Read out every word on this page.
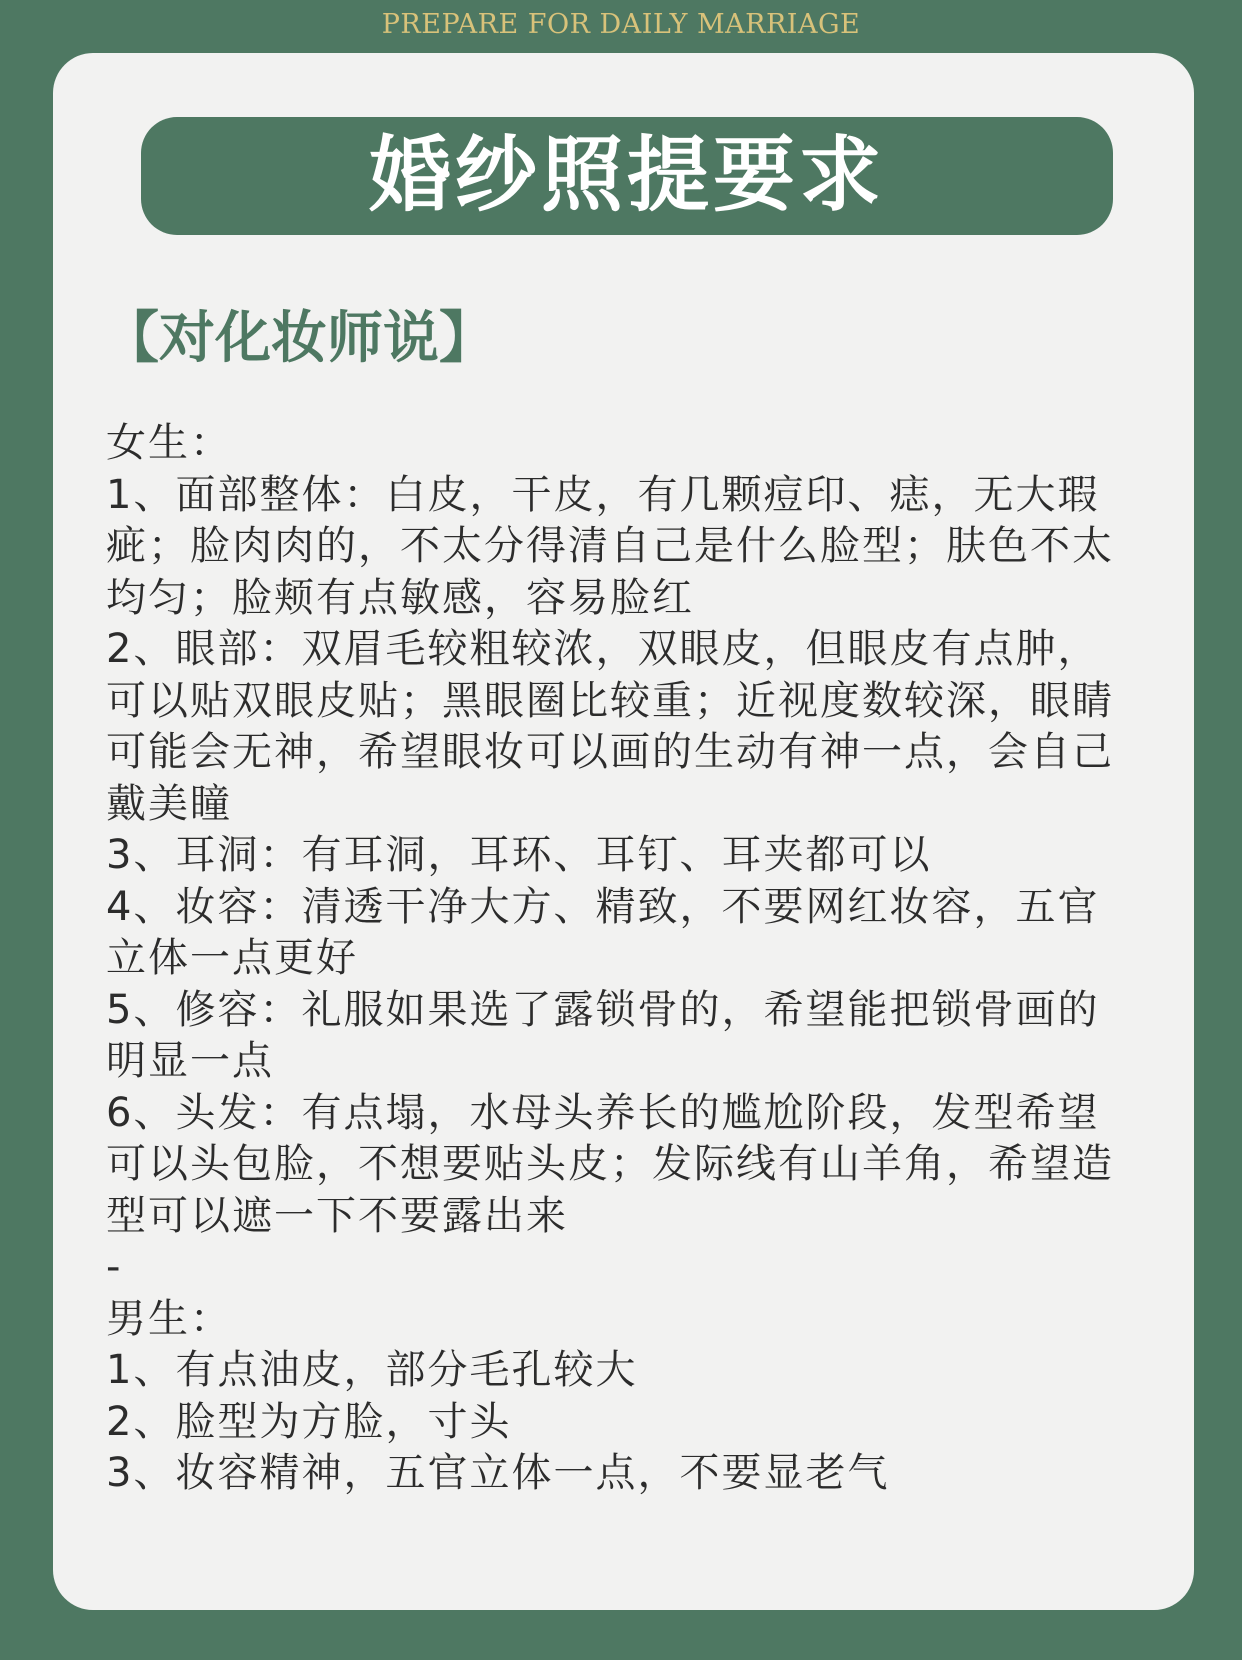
PREPARE FOR DAILY MARRIAGE
婚纱照提要求
【对化妆师说】

女生：

1、面部整体：白皮，干皮，有几颗痘印、痣，无大瑕疵；脸肉肉的，不太分得清自己是什么脸型；肤色不太均匀；脸颊有点敏感，容易脸红

2、眼部：双眉毛较粗较浓，双眼皮，但眼皮有点肿，可以贴双眼皮贴；黑眼圈比较重；近视度数较深，眼睛可能会无神，希望眼妆可以画的生动有神一点，会自己戴美瞳

3、耳洞：有耳洞，耳环、耳钉、耳夹都可以

4、妆容：清透干净大方、精致，不要网红妆容，五官立体一点更好

5、修容：礼服如果选了露锁骨的，希望能把锁骨画的明显一点

6、头发：有点塌，水母头养长的尴尬阶段，发型希望可以头包脸，不想要贴头皮；发际线有山羊角，希望造型可以遮一下不要露出来

-

男生：

1、有点油皮，部分毛孔较大

2、脸型为方脸，寸头

3、妆容精神，五官立体一点，不要显老气
